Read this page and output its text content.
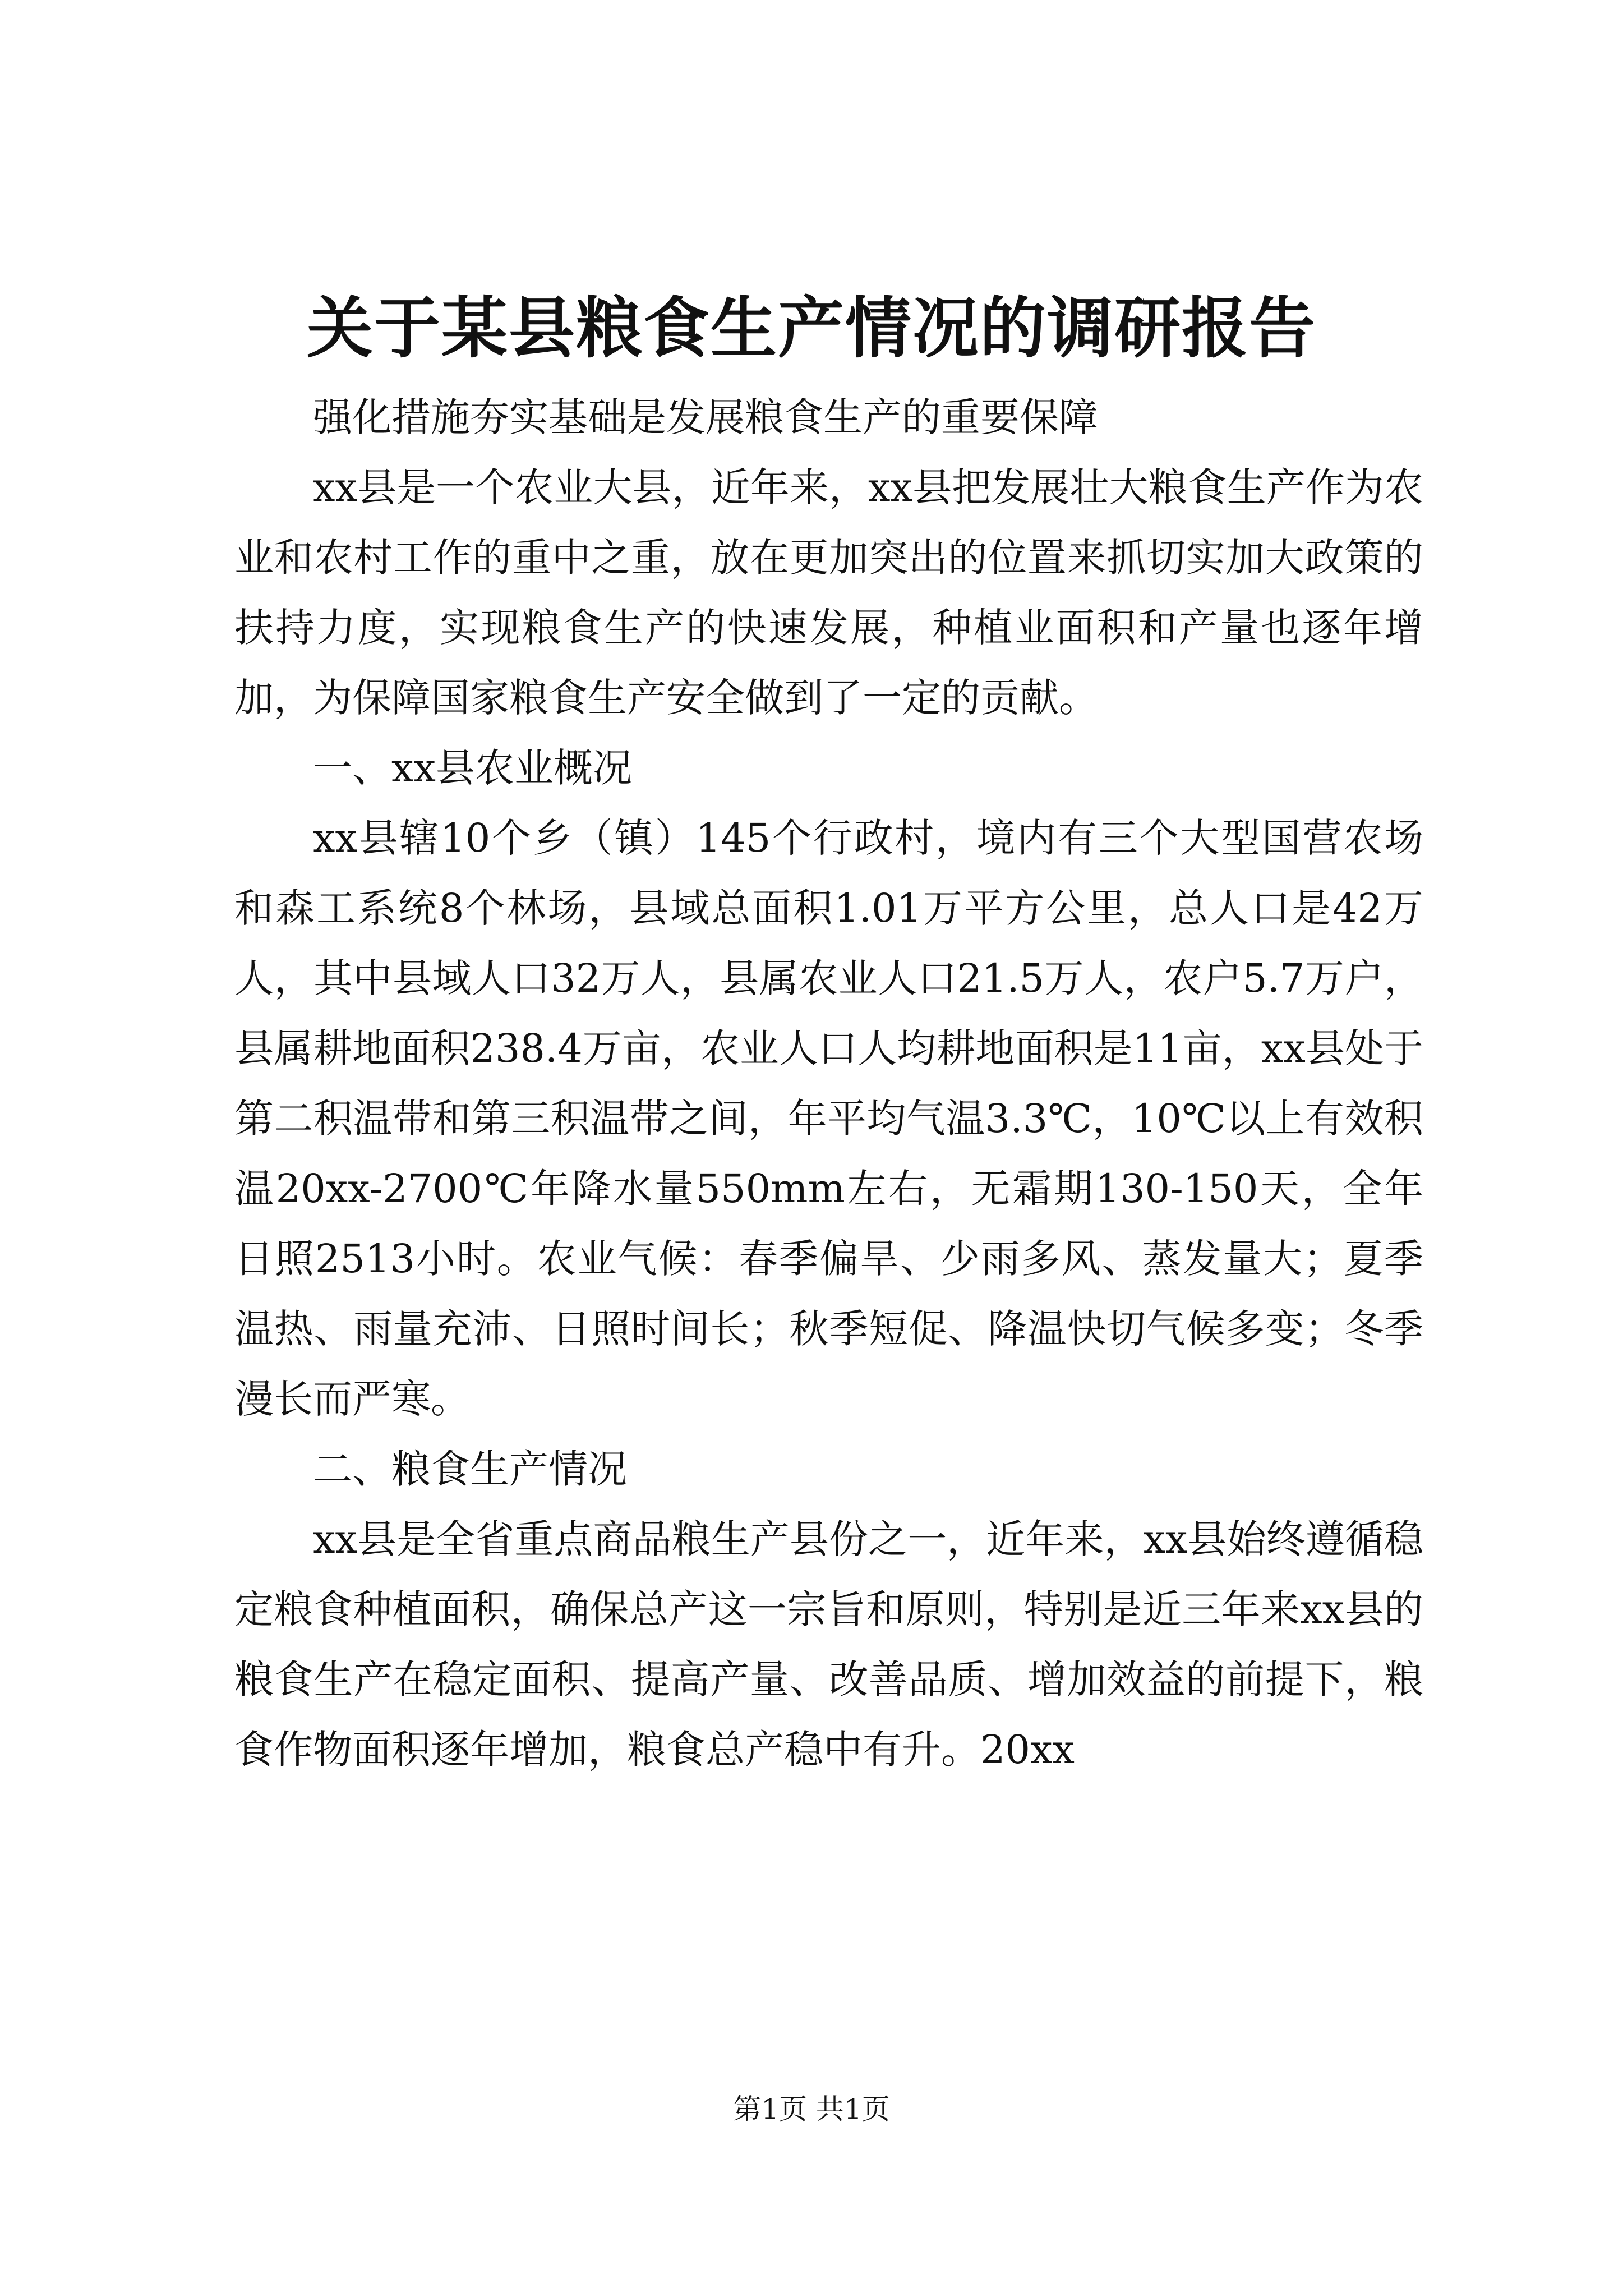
关于某县粮食生产情况的调研报告

强化措施夯实基础是发展粮食生产的重要保障

xx县是一个农业大县，近年来，xx县把发展壮大粮食生产作为农业和农村工作的重中之重，放在更加突出的位置来抓切实加大政策的扶持力度，实现粮食生产的快速发展，种植业面积和产量也逐年增加，为保障国家粮食生产安全做到了一定的贡献。

一、xx县农业概况

xx县辖10个乡（镇）145个行政村，境内有三个大型国营农场和森工系统8个林场，县域总面积1.01万平方公里，总人口是42万人，其中县域人口32万人，县属农业人口21.5万人，农户5.7万户，县属耕地面积238.4万亩，农业人口人均耕地面积是11亩，xx县处于第二积温带和第三积温带之间，年平均气温3.3℃，10℃以上有效积温20xx-2700℃年降水量550mm左右，无霜期130-150天，全年日照2513小时。农业气候：春季偏旱、少雨多风、蒸发量大；夏季温热、雨量充沛、日照时间长；秋季短促、降温快切气候多变；冬季漫长而严寒。

二、粮食生产情况

xx县是全省重点商品粮生产县份之一，近年来，xx县始终遵循稳定粮食种植面积，确保总产这一宗旨和原则，特别是近三年来xx县的粮食生产在稳定面积、提高产量、改善品质、增加效益的前提下，粮食作物面积逐年增加，粮食总产稳中有升。20xx

第1页 共1页
